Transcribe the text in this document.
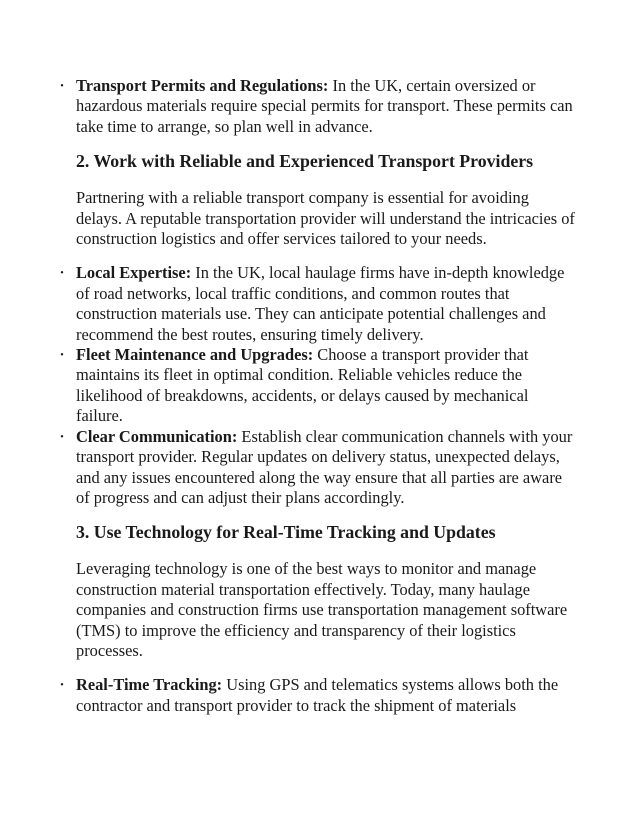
• Transport Permits and Regulations: In the UK, certain oversized or hazardous materials require special permits for transport. These permits can take time to arrange, so plan well in advance.
2. Work with Reliable and Experienced Transport Providers

Partnering with a reliable transport company is essential for avoiding delays. A reputable transportation provider will understand the intricacies of construction logistics and offer services tailored to your needs.

• Local Expertise: In the UK, local haulage firms have in-depth knowledge of road networks, local traffic conditions, and common routes that construction materials use. They can anticipate potential challenges and recommend the best routes, ensuring timely delivery.
• Fleet Maintenance and Upgrades: Choose a transport provider that maintains its fleet in optimal condition. Reliable vehicles reduce the likelihood of breakdowns, accidents, or delays caused by mechanical failure.
• Clear Communication: Establish clear communication channels with your transport provider. Regular updates on delivery status, unexpected delays, and any issues encountered along the way ensure that all parties are aware of progress and can adjust their plans accordingly.
3. Use Technology for Real-Time Tracking and Updates

Leveraging technology is one of the best ways to monitor and manage construction material transportation effectively. Today, many haulage companies and construction firms use transportation management software (TMS) to improve the efficiency and transparency of their logistics processes.

• Real-Time Tracking: Using GPS and telematics systems allows both the contractor and transport provider to track the shipment of materials
